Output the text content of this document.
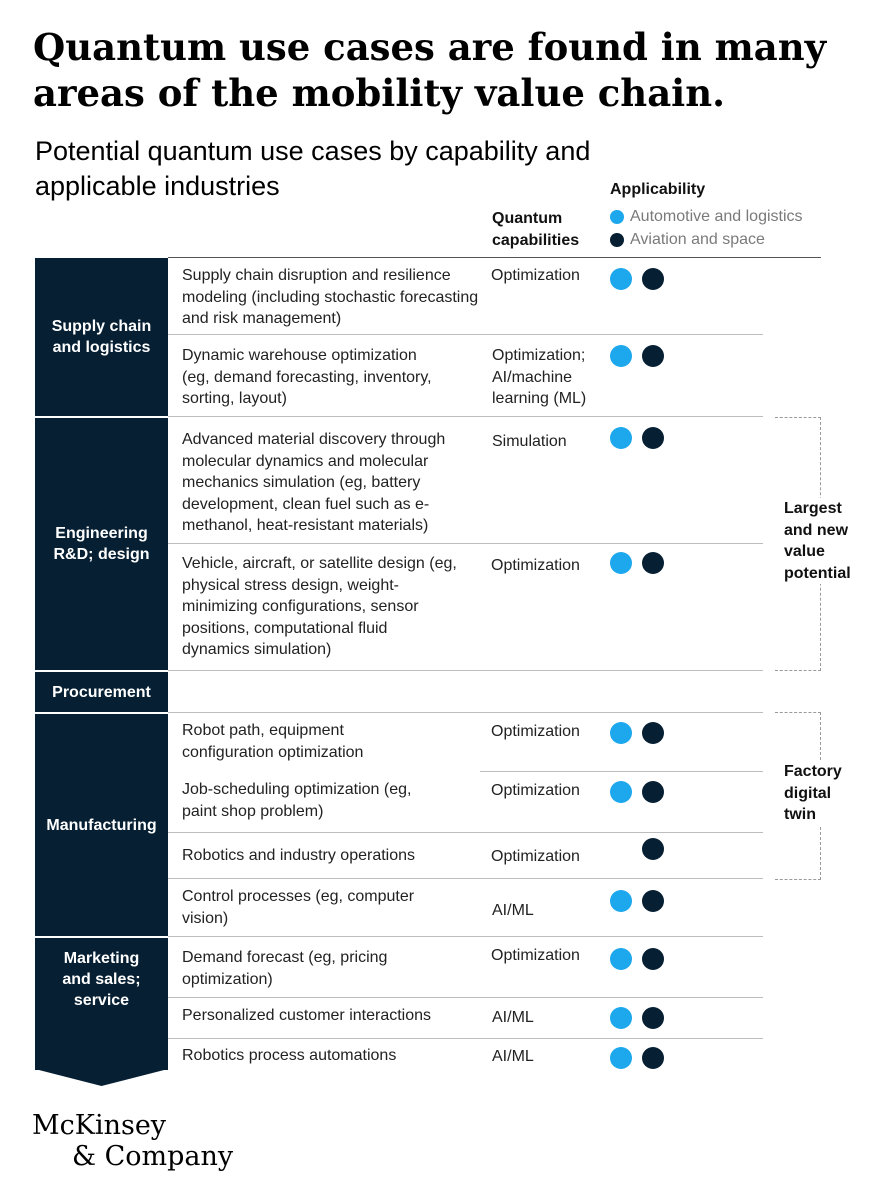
Quantum use cases are found in many areas of the mobility value chain.
Potential quantum use cases by capability and applicable industries
Quantum capabilities
Applicability
Automotive and logistics
Aviation and space
Supply chain and logistics
Engineering R&D; design
Procurement
Manufacturing
Marketing and sales; service
Supply chain disruption and resilience modeling (including stochastic forecasting and risk management)
Dynamic warehouse optimization (eg, demand forecasting, inventory, sorting, layout)
Advanced material discovery through molecular dynamics and molecular mechanics simulation (eg, battery development, clean fuel such as e-methanol, heat-resistant materials)
Vehicle, aircraft, or satellite design (eg, physical stress design, weight-minimizing configurations, sensor positions, computational fluid dynamics simulation)
Robot path, equipment configuration optimization
Job-scheduling optimization (eg, paint shop problem)
Robotics and industry operations
Control processes (eg, computer vision)
Demand forecast (eg, pricing optimization)
Personalized customer interactions
Robotics process automations
Optimization
Optimization; AI/machine learning (ML)
Simulation
Optimization
Optimization
Optimization
Optimization
AI/ML
Optimization
AI/ML
AI/ML
Largest and new value potential
Factory digital twin
McKinsey
& Company
